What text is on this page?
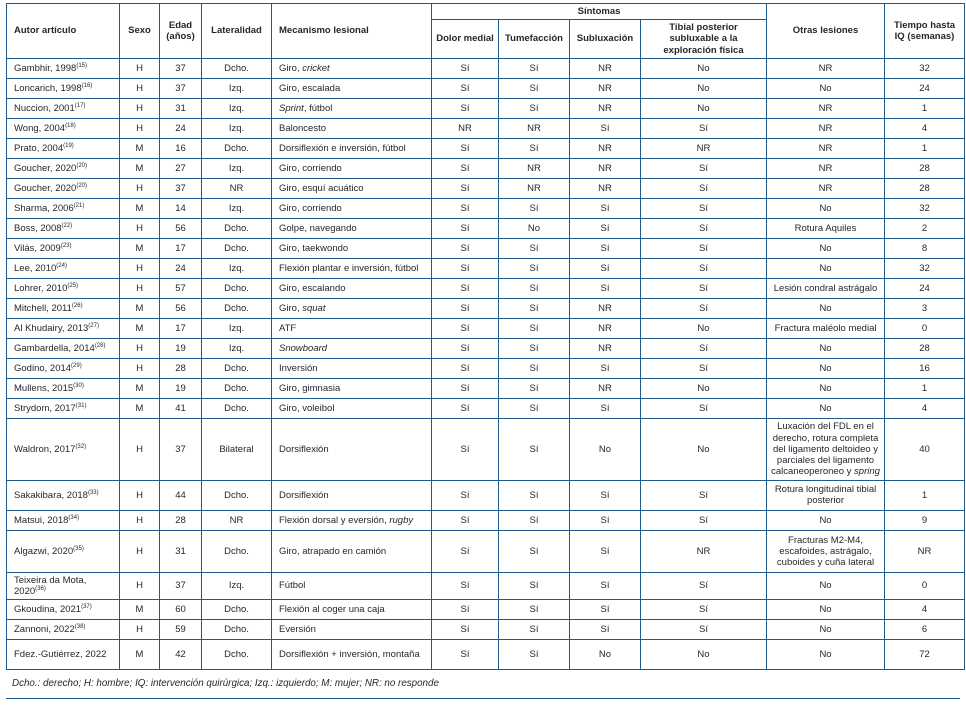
Autor artículo	Sexo	Edad (años)	Lateralidad	Mecanismo lesional	Síntomas				Otras lesiones	Tiempo hasta IQ (semanas)
					Dolor medial	Tumefacción	Subluxación	Tibial posterior subluxable a la exploración física		
Gambhir, 1998$^{(15)}$	H	37	Dcho.	Giro, cricket	Sí	Sí	NR	No	NR	32
Loncarich, 1998$^{(16)}$	H	37	Izq.	Giro, escalada	Sí	Sí	NR	No	No	24
Nuccion, 2001$^{(17)}$	H	31	Izq.	Sprint, fútbol	Sí	Sí	NR	No	NR	1
Wong, 2004$^{(18)}$	H	24	Izq.	Baloncesto	NR	NR	Sí	Sí	NR	4
Prato, 2004$^{(19)}$	M	16	Dcho.	Dorsiflexión e inversión, fútbol	Sí	Sí	NR	NR	NR	1
Goucher, 2020$^{(20)}$	M	27	Izq.	Giro, corriendo	Sí	NR	NR	Sí	NR	28
Goucher, 2020$^{(20)}$	H	37	NR	Giro, esquí acuático	Sí	NR	NR	Sí	NR	28
Sharma, 2006$^{(21)}$	M	14	Izq.	Giro, corriendo	Sí	Sí	Sí	Sí	No	32
Boss, 2008$^{(22)}$	H	56	Dcho.	Golpe, navegando	Sí	No	Sí	Sí	Rotura Aquiles	2
Vilás, 2009$^{(23)}$	M	17	Dcho.	Giro, taekwondo	Sí	Sí	Sí	Sí	No	8
Lee, 2010$^{(24)}$	H	24	Izq.	Flexión plantar e inversión, fútbol	Sí	Sí	Sí	Sí	No	32
Lohrer, 2010$^{(25)}$	H	57	Dcho.	Giro, escalando	Sí	Sí	Sí	Sí	Lesión condral astrágalo	24
Mitchell, 2011$^{(26)}$	M	56	Dcho.	Giro, squat	Sí	Sí	NR	Sí	No	3
Al Khudairy, 2013$^{(27)}$	M	17	Izq.	ATF	Sí	Sí	NR	No	Fractura maléolo medial	0
Gambardella, 2014$^{(28)}$	H	19	Izq.	Snowboard	Sí	Sí	NR	Sí	No	28
Godino, 2014$^{(29)}$	H	28	Dcho.	Inversión	Sí	Sí	Sí	Sí	No	16
Mullens, 2015$^{(30)}$	M	19	Dcho.	Giro, gimnasia	Sí	Sí	NR	No	No	1
Strydom, 2017$^{(31)}$	M	41	Dcho.	Giro, voleibol	Sí	Sí	Sí	Sí	No	4
Waldron, 2017$^{(32)}$	H	37	Bilateral	Dorsiflexión	Sí	Sí	No	No	Luxación del FDL en el derecho, rotura completa del ligamento deltoideo y parciales del ligamento calcaneoperoneo y spring	40
Sakakibara, 2018$^{(33)}$	H	44	Dcho.	Dorsiflexión	Sí	Sí	Sí	Sí	Rotura longitudinal tibial posterior	1
Matsui, 2018$^{(34)}$	H	28	NR	Flexión dorsal y eversión, rugby	Sí	Sí	Sí	Sí	No	9
Algazwi, 2020$^{(35)}$	H	31	Dcho.	Giro, atrapado en camión	Sí	Sí	Sí	NR	Fracturas M2-M4, escafoides, astrágalo, cuboides y cuña lateral	NR
Teixeira da Mota, 2020$^{(36)}$	H	37	Izq.	Fútbol	Sí	Sí	Sí	Sí	No	0
Gkoudina, 2021$^{(37)}$	M	60	Dcho.	Flexión al coger una caja	Sí	Sí	Sí	Sí	No	4
Zannoni, 2022$^{(38)}$	H	59	Dcho.	Eversión	Sí	Sí	Sí	Sí	No	6
Fdez.-Gutiérrez, 2022	M	42	Dcho.	Dorsiflexión + inversión, montaña	Sí	Sí	No	No	No	72
Dcho.: derecho; H: hombre; IQ: intervención quirúrgica; Izq.: izquierdo; M: mujer; NR: no responde
